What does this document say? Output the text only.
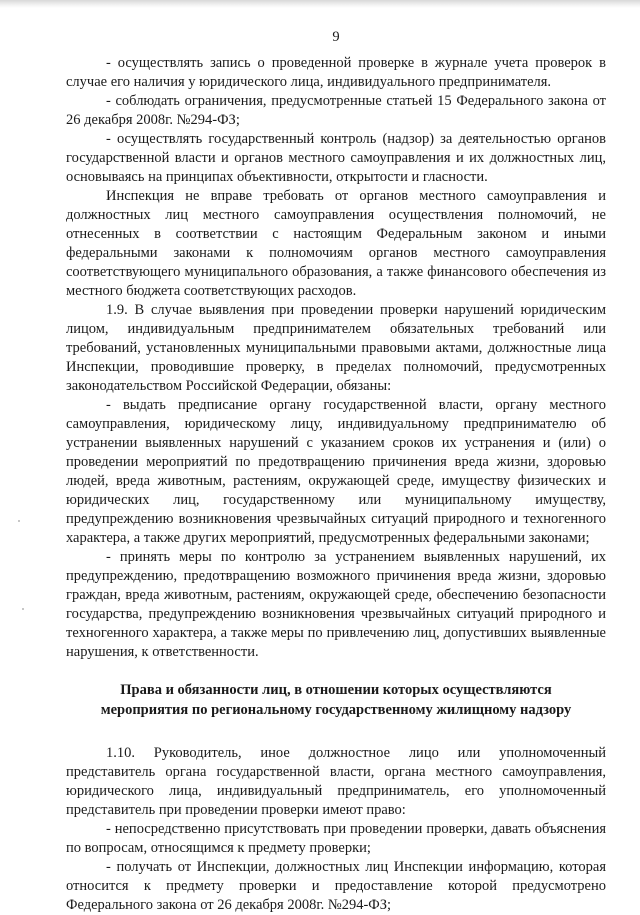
9

- осуществлять запись о проведенной проверке в журнале учета проверок в случае его наличия у юридического лица, индивидуального предпринимателя.

- соблюдать ограничения, предусмотренные статьей 15 Федерального закона от 26 декабря 2008г. №294-ФЗ;

- осуществлять государственный контроль (надзор) за деятельностью органов государственной власти и органов местного самоуправления и их должностных лиц, основываясь на принципах объективности, открытости и гласности.

Инспекция не вправе требовать от органов местного самоуправления и должностных лиц местного самоуправления осуществления полномочий, не отнесенных в соответствии с настоящим Федеральным законом и иными федеральными законами к полномочиям органов местного самоуправления соответствующего муниципального образования, а также финансового обеспечения из местного бюджета соответствующих расходов.

1.9. В случае выявления при проведении проверки нарушений юридическим лицом, индивидуальным предпринимателем обязательных требований или требований, установленных муниципальными правовыми актами, должностные лица Инспекции, проводившие проверку, в пределах полномочий, предусмотренных законодательством Российской Федерации, обязаны:

- выдать предписание органу государственной власти, органу местного самоуправления, юридическому лицу, индивидуальному предпринимателю об устранении выявленных нарушений с указанием сроков их устранения и (или) о проведении мероприятий по предотвращению причинения вреда жизни, здоровью людей, вреда животным, растениям, окружающей среде, имуществу физических и юридических лиц, государственному или муниципальному имуществу, предупреждению возникновения чрезвычайных ситуаций природного и техногенного характера, а также других мероприятий, предусмотренных федеральными законами;

- принять меры по контролю за устранением выявленных нарушений, их предупреждению, предотвращению возможного причинения вреда жизни, здоровью граждан, вреда животным, растениям, окружающей среде, обеспечению безопасности государства, предупреждению возникновения чрезвычайных ситуаций природного и техногенного характера, а также меры по привлечению лиц, допустивших выявленные нарушения, к ответственности.

Права и обязанности лиц, в отношении которых осуществляются
мероприятия по региональному государственному жилищному надзору

1.10. Руководитель, иное должностное лицо или уполномоченный представитель органа государственной власти, органа местного самоуправления, юридического лица, индивидуальный предприниматель, его уполномоченный представитель при проведении проверки имеют право:

- непосредственно присутствовать при проведении проверки, давать объяснения по вопросам, относящимся к предмету проверки;

- получать от Инспекции, должностных лиц Инспекции информацию, которая относится к предмету проверки и предоставление которой предусмотрено Федерального закона от 26 декабря 2008г. №294-ФЗ;
